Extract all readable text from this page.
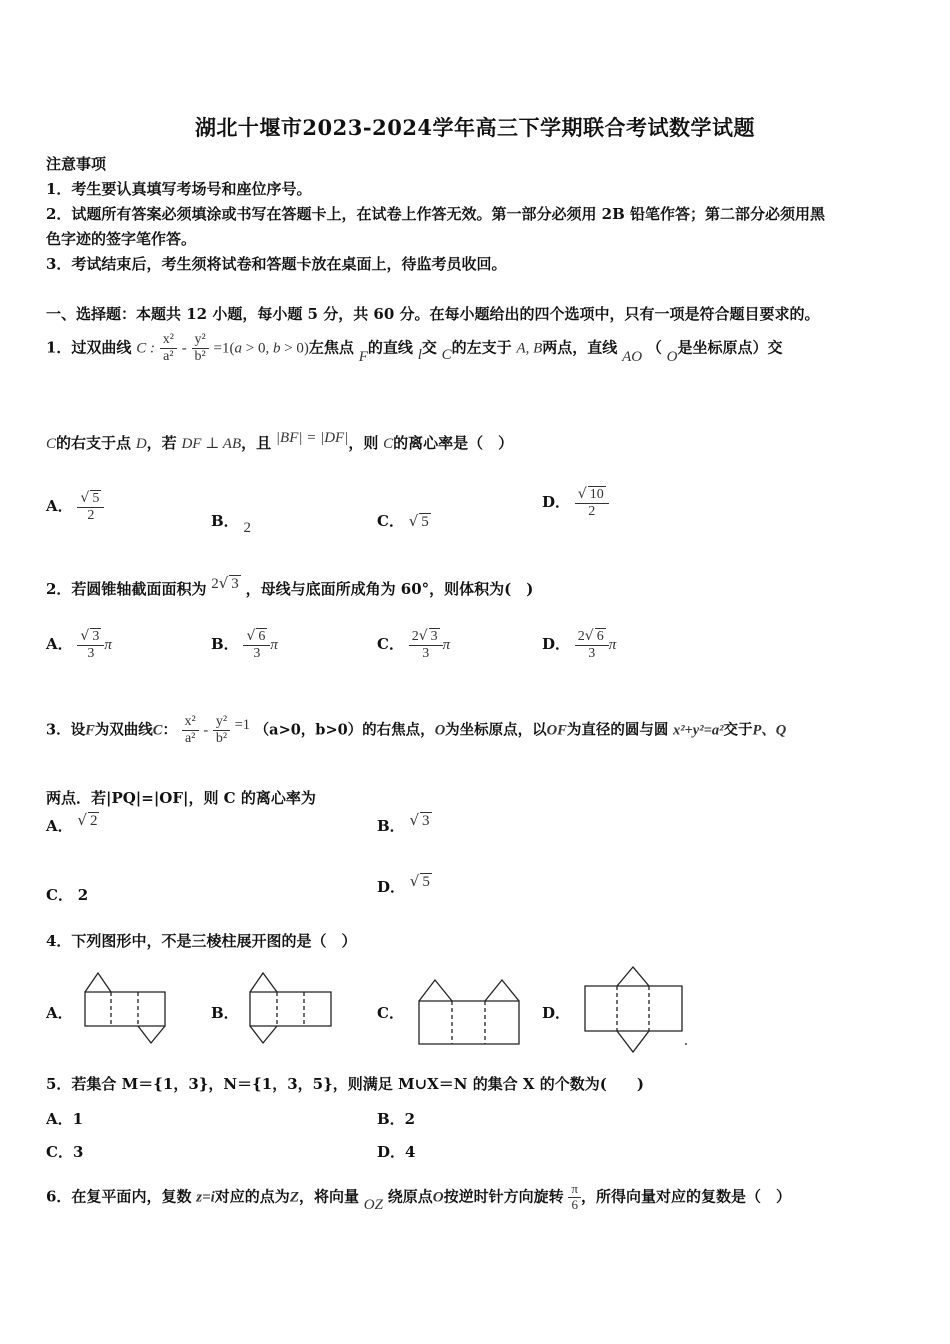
湖北十堰市2023-2024学年高三下学期联合考试数学试题
注意事项
1．考生要认真填写考场号和座位序号。
2．试题所有答案必须填涂或书写在答题卡上，在试卷上作答无效。第一部分必须用 2B 铅笔作答；第二部分必须用黑
色字迹的签字笔作答。
3．考试结束后，考生须将试卷和答题卡放在桌面上，待监考员收回。
一、选择题：本题共 12 小题，每小题 5 分，共 60 分。在每小题给出的四个选项中，只有一项是符合题目要求的。
1．过双曲线 C : $\frac{\text{x²}}{\text{a²}} - \frac{\text{y²}}{\text{b²}} =1(a > 0$, b > 0)左焦点 F的直线 l交 C的左支于 A, B两点，直线 AO （ O是坐标原点）交
C的右支于点 D，若 DF ⊥ AB，且 |BF| = |DF|，则 C的离心率是（　）
A． $\frac{√ 5}{2}$	B． 2	C． √ 5
D． $\frac{√ 10}{2}$
2．若圆锥轴截面面积为 2√ 3 ，母线与底面所成角为 60°，则体积为(　)
A． $\frac{√ 3}{3}$ π	B． $\frac{√ 6}{3}$ π	C． $\frac{2√ 3}{3}$ π	D． $\frac{2√ 6}{3}$ π
3．设F为双曲线C： $\frac{\text{x²}}{\text{a²}} - \frac{\text{y²}}{\text{b²}} =1$ （a>0，b>0）的右焦点，O为坐标原点，以OF为直径的圆与圆 x²+y²=a²交于P、Q
两点．若|PQ|=|OF|，则 C 的离心率为
A． √ 2	B． √ 3
C． 2	D． √ 5
4．下列图形中，不是三棱柱展开图的是（　）
A．	B．	C．	D．
5．若集合 M＝{1，3}，N＝{1，3，5}，则满足 M∪X＝N 的集合 X 的个数为(　　)
A．1	B．2
C．3	D．4
6．在复平面内，复数 z=i对应的点为Z，将向量 OZ 绕原点O按逆时针方向旋转 $\frac{\pi}{6}$ ，所得向量对应的复数是（　）
